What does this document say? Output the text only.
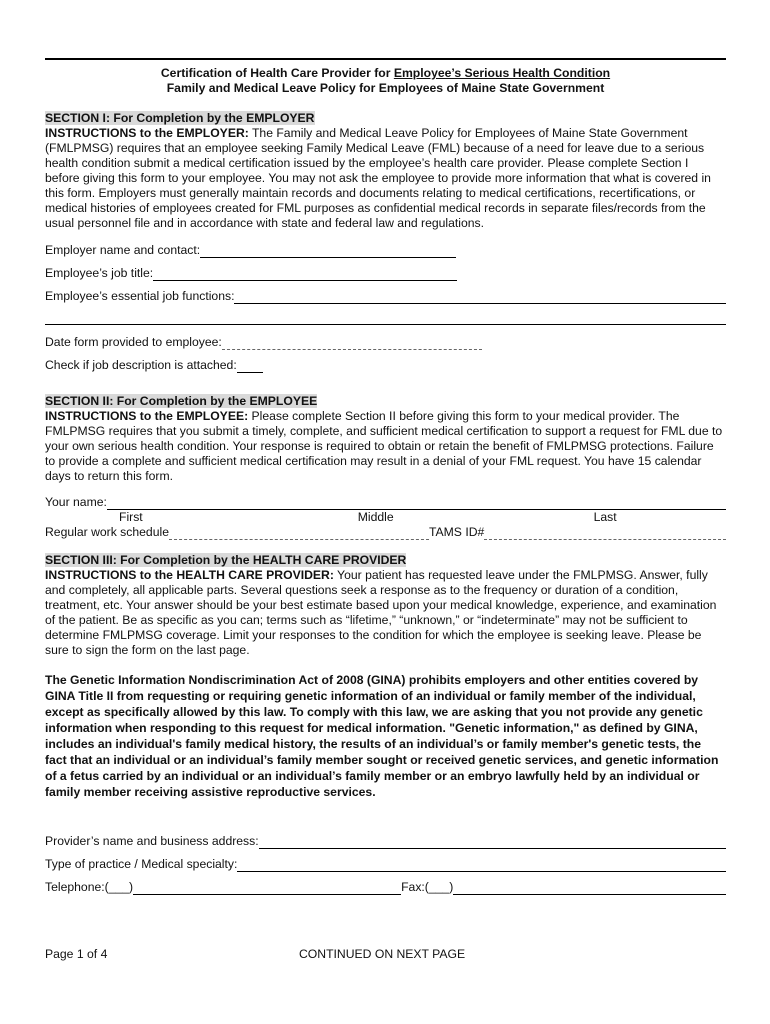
Certification of Health Care Provider for Employee’s Serious Health Condition
Family and Medical Leave Policy for Employees of Maine State Government
SECTION I: For Completion by the EMPLOYER
INSTRUCTIONS to the EMPLOYER: The Family and Medical Leave Policy for Employees of Maine State Government (FMLPMSG) requires that an employee seeking Family Medical Leave (FML) because of a need for leave due to a serious health condition submit a medical certification issued by the employee’s health care provider. Please complete Section I before giving this form to your employee. You may not ask the employee to provide more information that what is covered in this form. Employers must generally maintain records and documents relating to medical certifications, recertifications, or medical histories of employees created for FML purposes as confidential medical records in separate files/records from the usual personnel file and in accordance with state and federal law and regulations.
Employer name and contact:
Employee’s job title:
Employee’s essential job functions:
Date form provided to employee:
Check if job description is attached:
SECTION II: For Completion by the EMPLOYEE
INSTRUCTIONS to the EMPLOYEE: Please complete Section II before giving this form to your medical provider. The FMLPMSG requires that you submit a timely, complete, and sufficient medical certification to support a request for FML due to your own serious health condition. Your response is required to obtain or retain the benefit of FMLPMSG protections. Failure to provide a complete and sufficient medical certification may result in a denial of your FML request. You have 15 calendar days to return this form.
Your name:
First	Middle	Last
Regular work schedule	TAMS ID#
SECTION III: For Completion by the HEALTH CARE PROVIDER
INSTRUCTIONS to the HEALTH CARE PROVIDER: Your patient has requested leave under the FMLPMSG. Answer, fully and completely, all applicable parts. Several questions seek a response as to the frequency or duration of a condition, treatment, etc. Your answer should be your best estimate based upon your medical knowledge, experience, and examination of the patient. Be as specific as you can; terms such as “lifetime,” “unknown,” or “indeterminate” may not be sufficient to determine FMLPMSG coverage. Limit your responses to the condition for which the employee is seeking leave. Please be sure to sign the form on the last page.
The Genetic Information Nondiscrimination Act of 2008 (GINA) prohibits employers and other entities covered by GINA Title II from requesting or requiring genetic information of an individual or family member of the individual, except as specifically allowed by this law. To comply with this law, we are asking that you not provide any genetic information when responding to this request for medical information. "Genetic information," as defined by GINA, includes an individual's family medical history, the results of an individual’s or family member's genetic tests, the fact that an individual or an individual’s family member sought or received genetic services, and genetic information of a fetus carried by an individual or an individual’s family member or an embryo lawfully held by an individual or family member receiving assistive reproductive services.
Provider’s name and business address:
Type of practice / Medical specialty:
Telephone:(___)	Fax:(___)
Page 1 of 4	CONTINUED ON NEXT PAGE
